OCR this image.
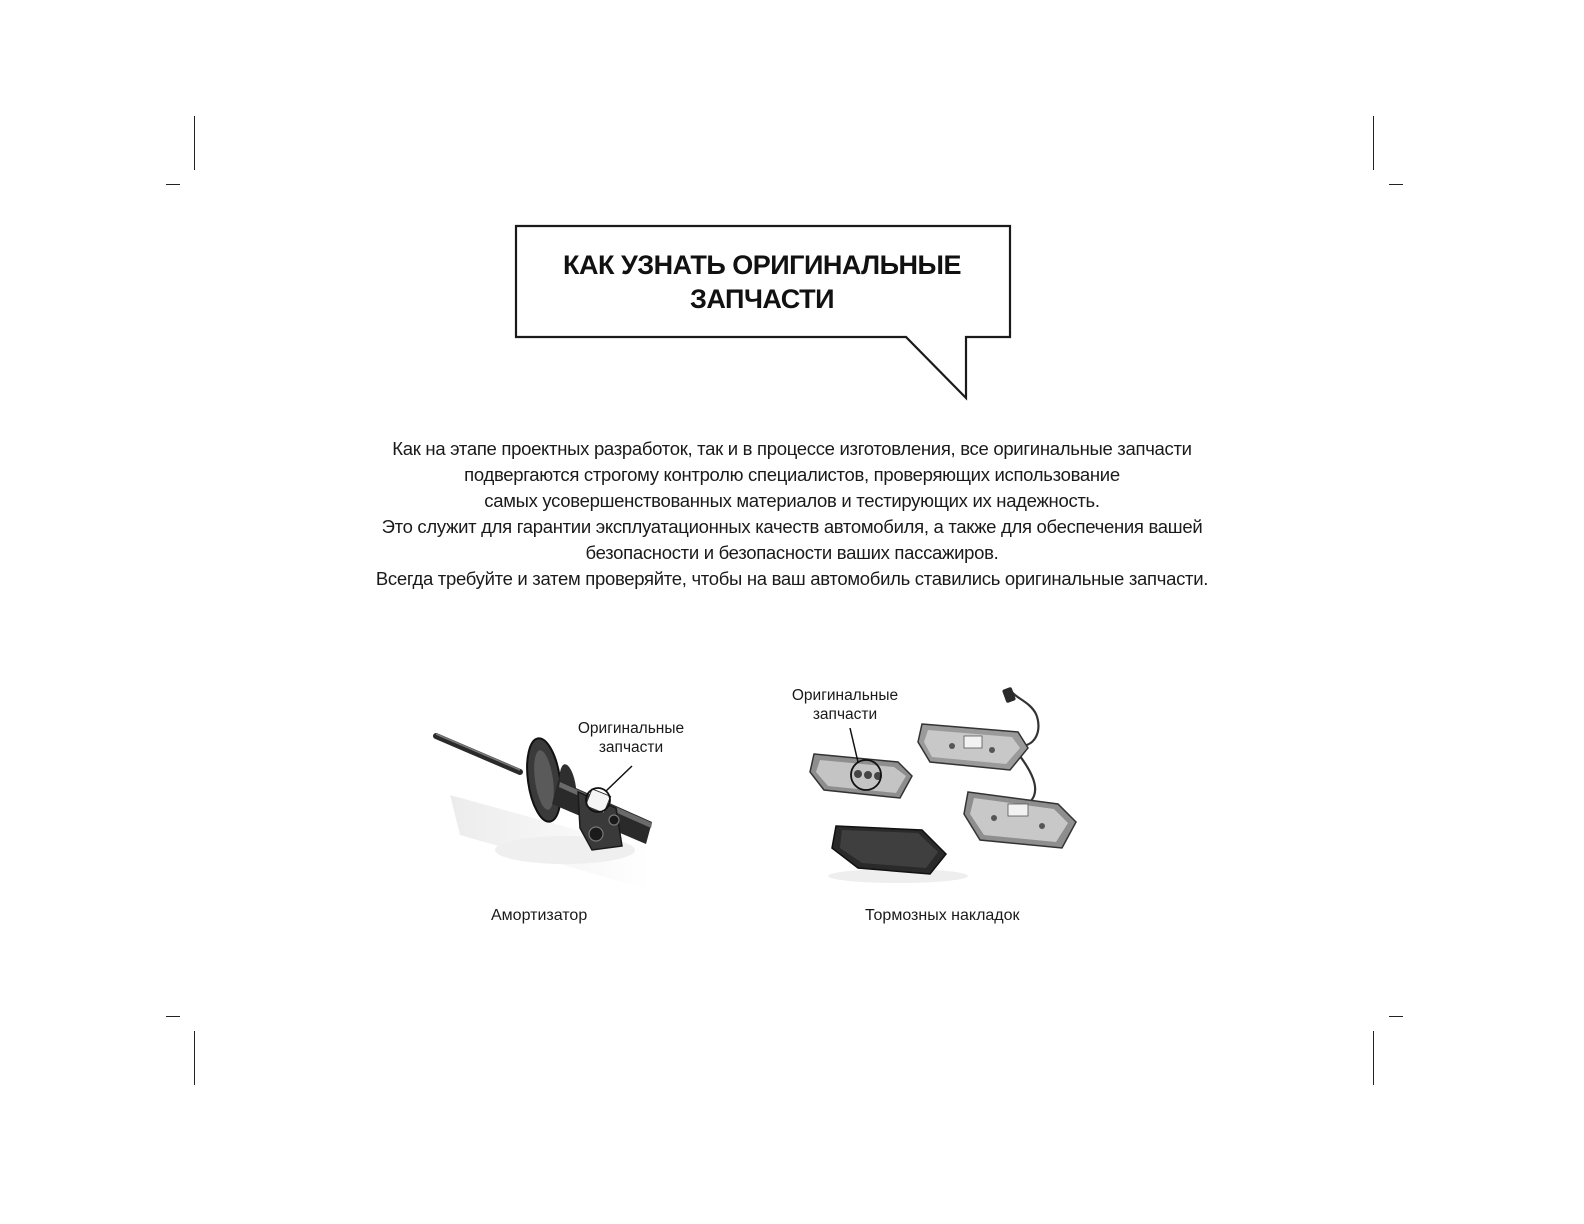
КАК УЗНАТЬ ОРИГИНАЛЬНЫЕ
ЗАПЧАСТИ

Как на этапе проектных разработок, так и в процессе изготовления, все оригинальные запчасти

подвергаются строгому контролю специалистов, проверяющих использование

самых усовершенствованных материалов и тестирующих их надежность.

Это служит для гарантии эксплуатационных качеств автомобиля, а также для обеспечения вашей

безопасности и безопасности ваших пассажиров.

Всегда требуйте и затем проверяйте, чтобы на ваш автомобиль ставились оригинальные запчасти.

Оригинальные
запчасти
Амортизатор
Оригинальные
запчасти
Тормозных накладок
